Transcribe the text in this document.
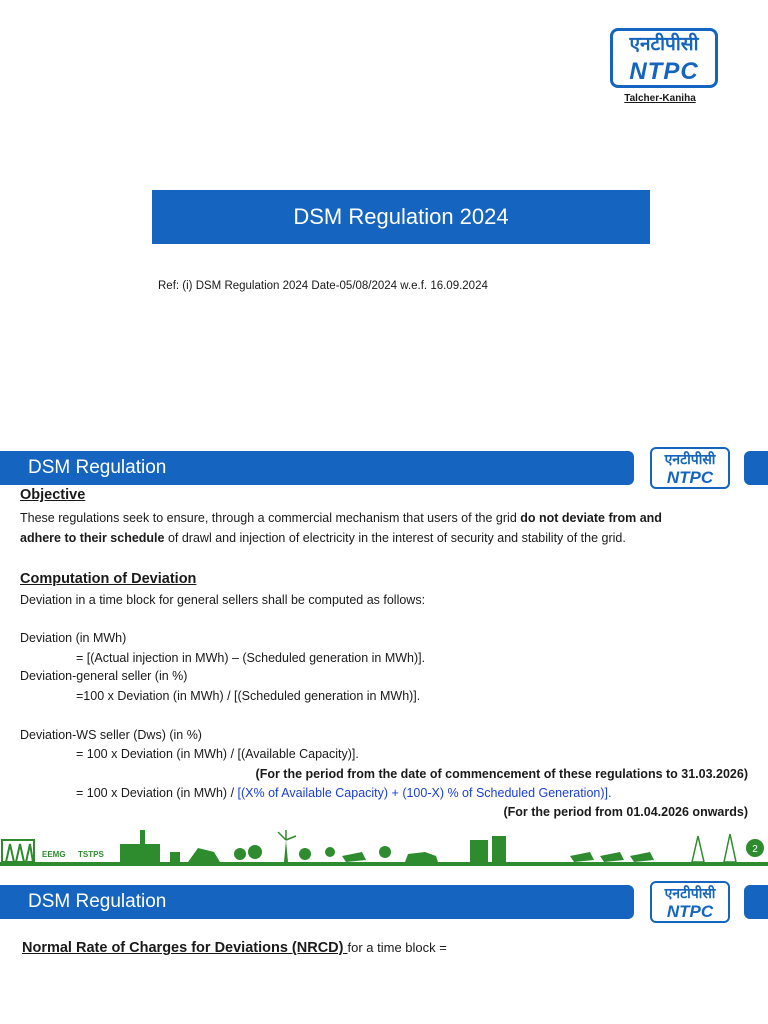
एनटीपीसी
NTPC
Talcher-Kaniha
DSM Regulation 2024
Ref: (i) DSM Regulation 2024 Date-05/08/2024 w.e.f. 16.09.2024
DSM Regulation	एनटीपीसी
NTPC
Objective
These regulations seek to ensure, through a commercial mechanism that users of the grid do not deviate from and
adhere to their schedule of drawl and injection of electricity in the interest of security and stability of the grid.
Computation of Deviation
Deviation in a time block for general sellers shall be computed as follows:
Deviation (in MWh)
= [(Actual injection in MWh) – (Scheduled generation in MWh)].
Deviation-general seller (in %)
=100 x Deviation (in MWh) / [(Scheduled generation in MWh)].
Deviation-WS seller (Dws) (in %)
= 100 x Deviation (in MWh) / [(Available Capacity)].
(For the period from the date of commencement of these regulations to 31.03.2026)
= 100 x Deviation (in MWh) / [(X% of Available Capacity) + (100-X) % of Scheduled Generation)].
(For the period from 01.04.2026 onwards)
EEMG TSTPS	2
DSM Regulation	एनटीपीसी
NTPC
Normal Rate of Charges for Deviations (NRCD) for a time block =
